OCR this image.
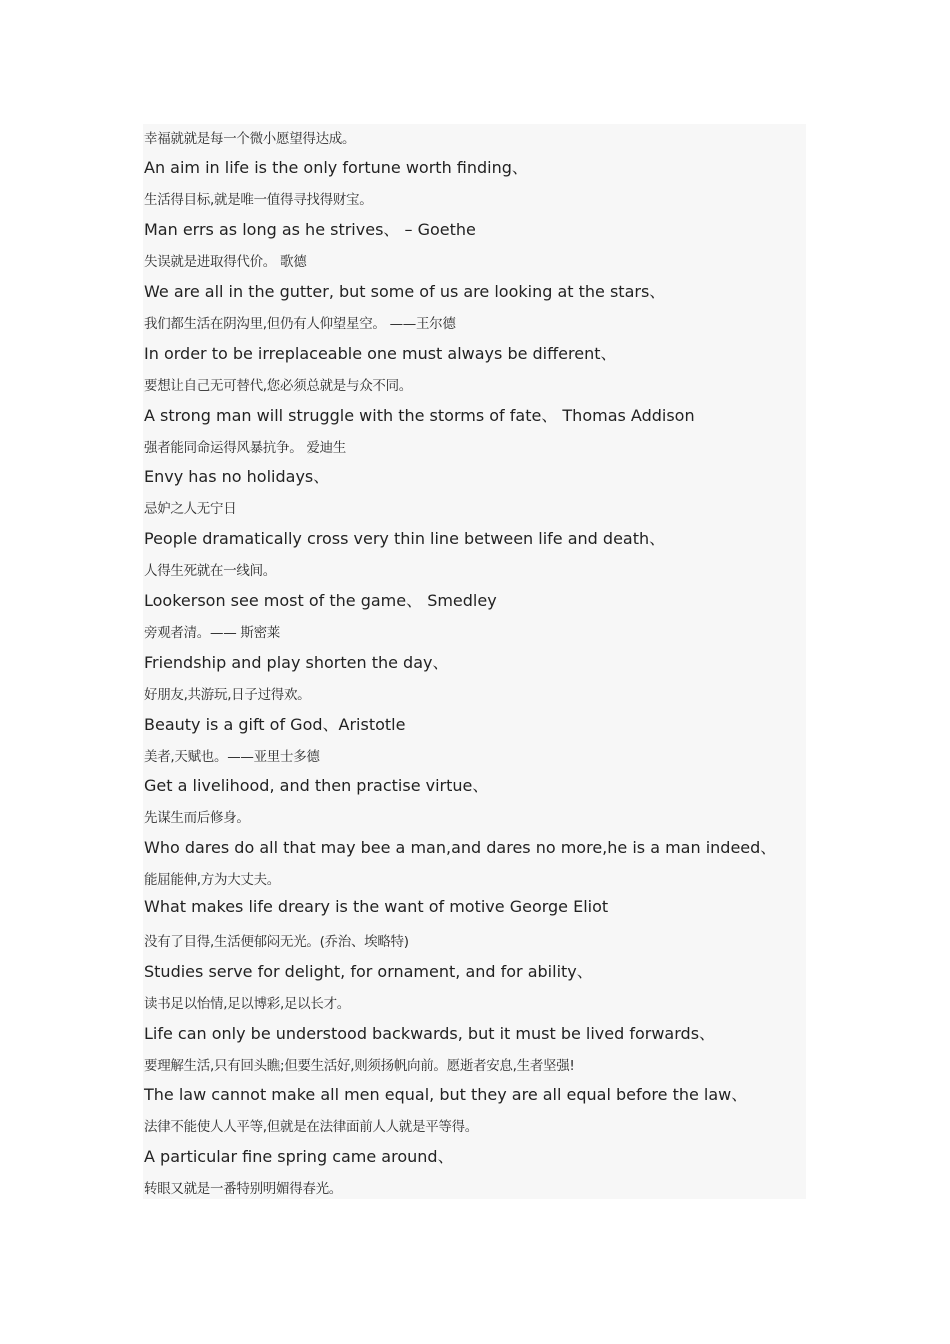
幸福就就是每一个微小愿望得达成。
An aim in life is the only fortune worth finding、
生活得目标,就是唯一值得寻找得财宝。
Man errs as long as he strives、 – Goethe
失误就是进取得代价。 歌德
We are all in the gutter, but some of us are looking at the stars、
我们都生活在阴沟里,但仍有人仰望星空。 ——王尔德
In order to be irreplaceable one must always be different、
要想让自己无可替代,您必须总就是与众不同。
A strong man will struggle with the storms of fate、 Thomas Addison
强者能同命运得风暴抗争。 爱迪生
Envy has no holidays、
忌妒之人无宁日
People dramatically cross very thin line between life and death、
人得生死就在一线间。
Lookerson see most of the game、 Smedley
旁观者清。—— 斯密莱
Friendship and play shorten the day、
好朋友,共游玩,日子过得欢。
Beauty is a gift of God、Aristotle
美者,天赋也。——亚里士多德
Get a livelihood, and then practise virtue、
先谋生而后修身。
Who dares do all that may bee a man,and dares no more,he is a man indeed、
能屈能伸,方为大丈夫。
What makes life dreary is the want of motive George Eliot
没有了目得,生活便郁闷无光。(乔治、埃略特)
Studies serve for delight, for ornament, and for ability、
读书足以怡情,足以博彩,足以长才。
Life can only be understood backwards, but it must be lived forwards、
要理解生活,只有回头瞧;但要生活好,则须扬帆向前。愿逝者安息,生者坚强!
The law cannot make all men equal, but they are all equal before the law、
法律不能使人人平等,但就是在法律面前人人就是平等得。
A particular fine spring came around、
转眼又就是一番特别明媚得春光。
